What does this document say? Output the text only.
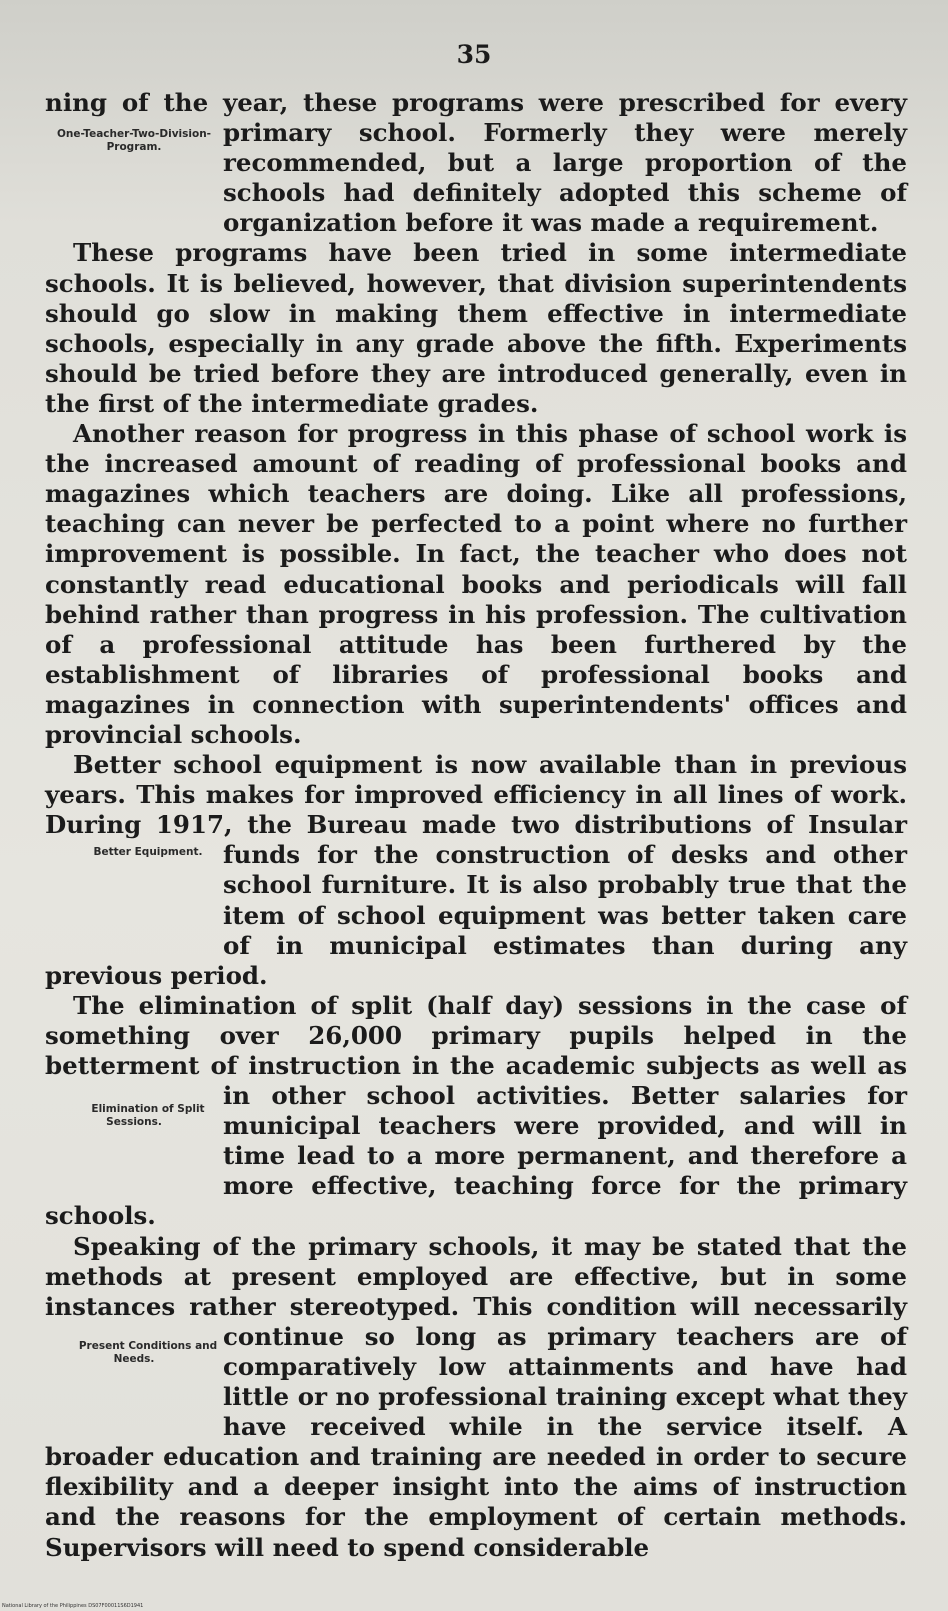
35

ning of the year, these programs were prescribed for every
One-Teacher-Two-Division-Program.	primary school. Formerly they were merely recommended, but a large proportion of the schools had definitely adopted this scheme of organization before it was made a requirement.

These programs have been tried in some intermediate schools. It is believed, however, that division superintendents should go slow in making them effective in intermediate schools, especially in any grade above the fifth. Experiments should be tried before they are introduced generally, even in the first of the intermediate grades.

Another reason for progress in this phase of school work is the increased amount of reading of professional books and magazines which teachers are doing. Like all professions, teaching can never be perfected to a point where no further improvement is possible. In fact, the teacher who does not constantly read educational books and periodicals will fall behind rather than progress in his profession. The cultivation of a professional attitude has been furthered by the establishment of libraries of professional books and magazines in connection with superintendents' offices and provincial schools.

Better school equipment is now available than in previous years. This makes for improved efficiency in all lines of work. During 1917, the Bureau made two distributions of Insular
Better Equipment. funds for the construction of desks and other school furniture. It is also probably true that the item of school equipment was better taken care of in municipal estimates than during any previous period.

The elimination of split (half day) sessions in the case of something over 26,000 primary pupils helped in the betterment of instruction in the academic subjects as well as
Elimination of Split Sessions.
in other school activities. Better salaries for municipal teachers were provided, and will in time lead to a more permanent, and therefore a more effective, teaching force for the primary schools.

Speaking of the primary schools, it may be stated that the methods at present employed are effective, but in some instances rather stereotyped. This condition will necessarily continue
Present Conditions and Needs.
so long as primary teachers are of comparatively low attainments and have had little or no professional training except what they have received while in the service itself. A broader education and training are needed in order to secure flexibility and a deeper insight into the aims of instruction and the reasons for the employment of certain methods. Supervisors will need to spend considerable

National Library of the Philippines DS07F00011S6D1941
